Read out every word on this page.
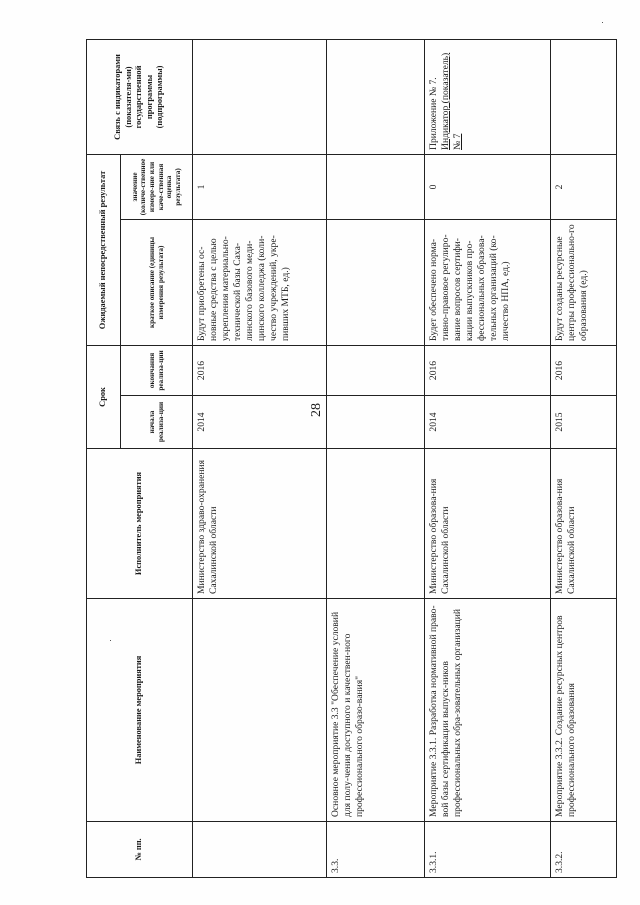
28
№ пп.	Наименование мероприятия	Исполнитель мероприятия	Срок		Ожидаемый непосредственный результат		Связь с индикаторами (показателя-ми) государственной программы (подпрограммы)
			начала реализа-ции	окончания реализа-ции	краткое описание (единицы измерения результата)	значение (количе-ственное измере-ние или каче-ственная оценка результата)	
		Министерство здраво-охранения Сахалинской области	2014	2016	Будут приобретены ос-новные средства с целью укрепления материально-технической базы Саха-линского базового меди-цинского колледжа (коли-чество учреждений, укре-пивших МТБ, ед.)	1	
3.3.	Основное мероприятие 3.3 "Обеспечение условий для полу-чения доступного и качествен-ного профессионального образо-вания"						
3.3.1.	Мероприятие 3.3.1. Разработка нормативной право-вой базы сертификации выпуск-ников профессиональных обра-зовательных организаций	Министерство образова-ния Сахалинской области	2014	2016	Будет обеспечено норма-тивно-правовое регулиро-вание вопросов сертифи-кации выпускников про-фессиональных образова-тельных организаций (ко-личество НПА, ед.)	0	Приложение № 7. Индикатор (показатель) № 7
3.3.2.	Мероприятие 3.3.2. Создание ресурсных центров профессионального образования	Министерство образова-ния Сахалинской области	2015	2016	Будут созданы ресурсные центры профессионально-го образования (ед.)	2	
